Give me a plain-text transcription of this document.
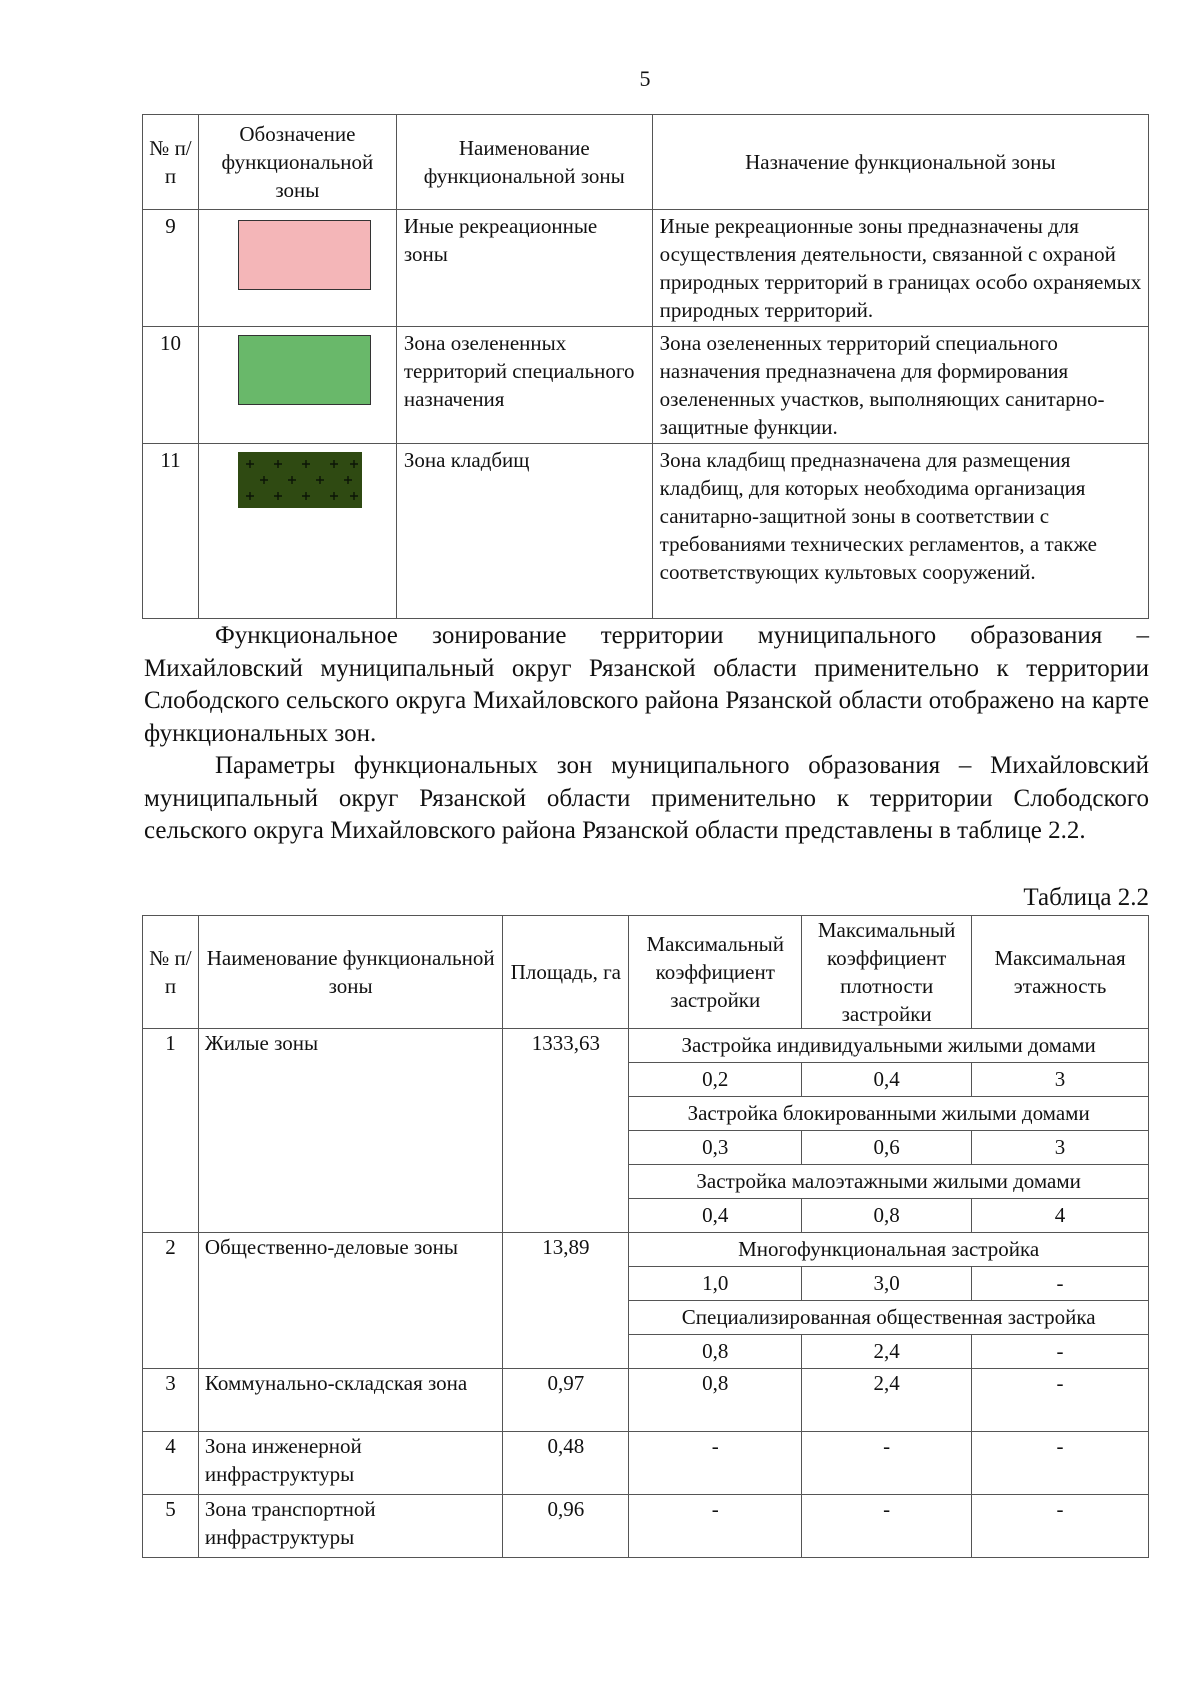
5
№ п/п	Обозначение функциональной зоны	Наименование функциональной зоны	Назначение функциональной зоны
9		Иные рекреационные зоны	Иные рекреационные зоны предназначены для осуществления деятельности, связанной с охраной природных территорий в границах особо охраняемых природных территорий.
10		Зона озелененных территорий специального назначения	Зона озелененных территорий специального назначения предназначена для формирования озелененных участков, выполняющих санитарно-защитные функции.
11		Зона кладбищ	Зона кладбищ предназначена для размещения кладбищ, для которых необходима организация санитарно-защитной зоны в соответствии с требованиями технических регламентов, а также соответствующих культовых сооружений.

Функциональное зонирование территории муниципального образования – Михайловский муниципальный округ Рязанской области применительно к территории Слободского сельского округа Михайловского района Рязанской области отображено на карте функциональных зон.

Параметры функциональных зон муниципального образования – Михайловский муниципальный округ Рязанской области применительно к территории Слободского сельского округа Михайловского района Рязанской области представлены в таблице 2.2.

Таблица 2.2
№ п/п	Наименование функциональной зоны	Площадь, га	Максимальный коэффициент застройки	Максимальный коэффициент плотности застройки	Максимальная этажность
1	Жилые зоны	1333,63	Застройка индивидуальными жилыми домами		
			0,2	0,4	3
			Застройка блокированными жилыми домами		
			0,3	0,6	3
			Застройка малоэтажными жилыми домами		
			0,4	0,8	4
2	Общественно-деловые зоны	13,89	Многофункциональная застройка		
			1,0	3,0	-
			Специализированная общественная застройка		
			0,8	2,4	-
3	Коммунально-складская зона	0,97	0,8	2,4	-
4	Зона инженерной инфраструктуры	0,48	-	-	-
5	Зона транспортной инфраструктуры	0,96	-	-	-
